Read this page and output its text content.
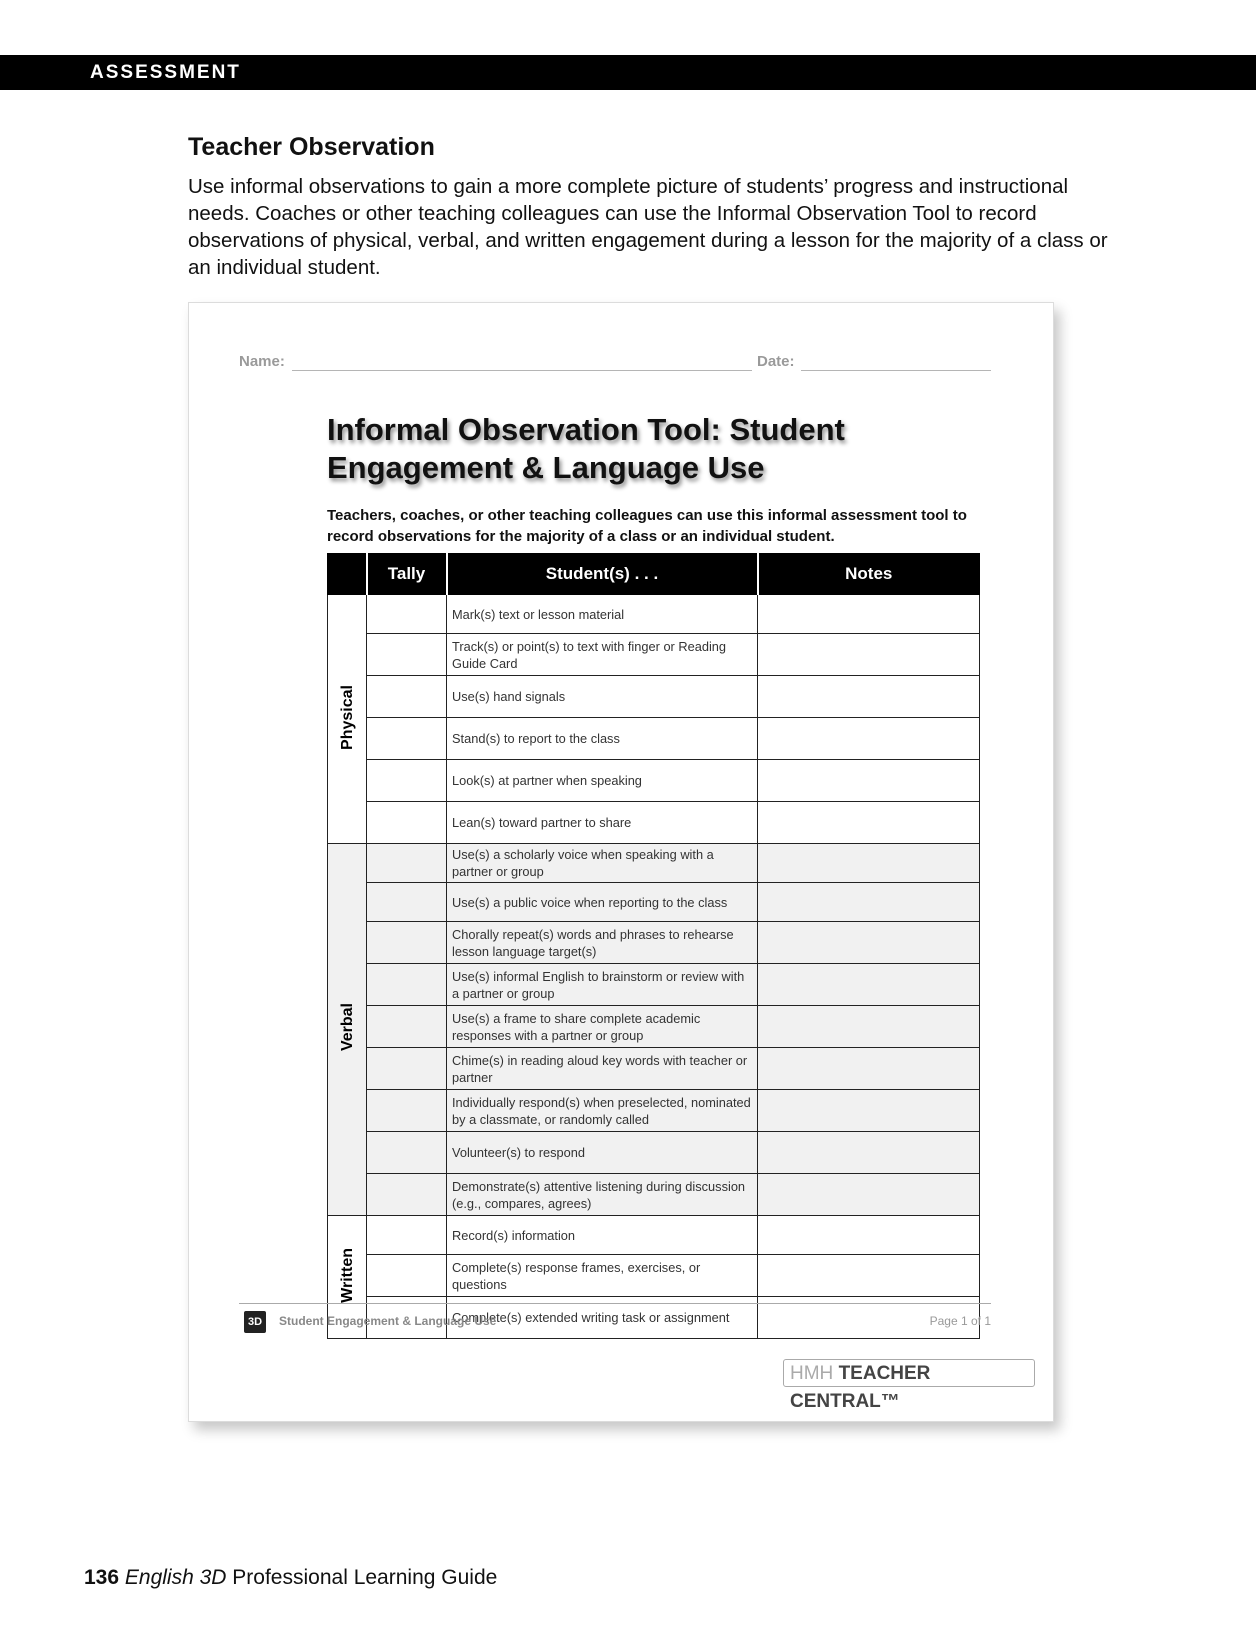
ASSESSMENT
Teacher Observation

Use informal observations to gain a more complete picture of students’ progress and instructional needs. Coaches or other teaching colleagues can use the Informal Observation Tool to record observations of physical, verbal, and written engagement during a lesson for the majority of a class or an individual student.

Name:	Date:
Informal Observation Tool: Student Engagement & Language Use

Teachers, coaches, or other teaching colleagues can use this informal assessment tool to record observations for the majority of a class or an individual student.

	Tally	Student(s) . . .	Notes
Physical		Mark(s) text or lesson material	
		Track(s) or point(s) to text with finger or Reading Guide Card	
		Use(s) hand signals	
		Stand(s) to report to the class	
		Look(s) at partner when speaking	
		Lean(s) toward partner to share	
Verbal		Use(s) a scholarly voice when speaking with a partner or group	
		Use(s) a public voice when reporting to the class	
		Chorally repeat(s) words and phrases to rehearse lesson language target(s)	
		Use(s) informal English to brainstorm or review with a partner or group	
		Use(s) a frame to share complete academic responses with a partner or group	
		Chime(s) in reading aloud key words with teacher or partner	
		Individually respond(s) when preselected, nominated by a classmate, or randomly called	
		Volunteer(s) to respond	
		Demonstrate(s) attentive listening during discussion (e.g., compares, agrees)	
Written		Record(s) information	
		Complete(s) response frames, exercises, or questions	
		Complete(s) extended writing task or assignment	
3D	Student Engagement & Language Use	Page 1 of 1
HMH TEACHER CENTRAL™
136 English 3D Professional Learning Guide
